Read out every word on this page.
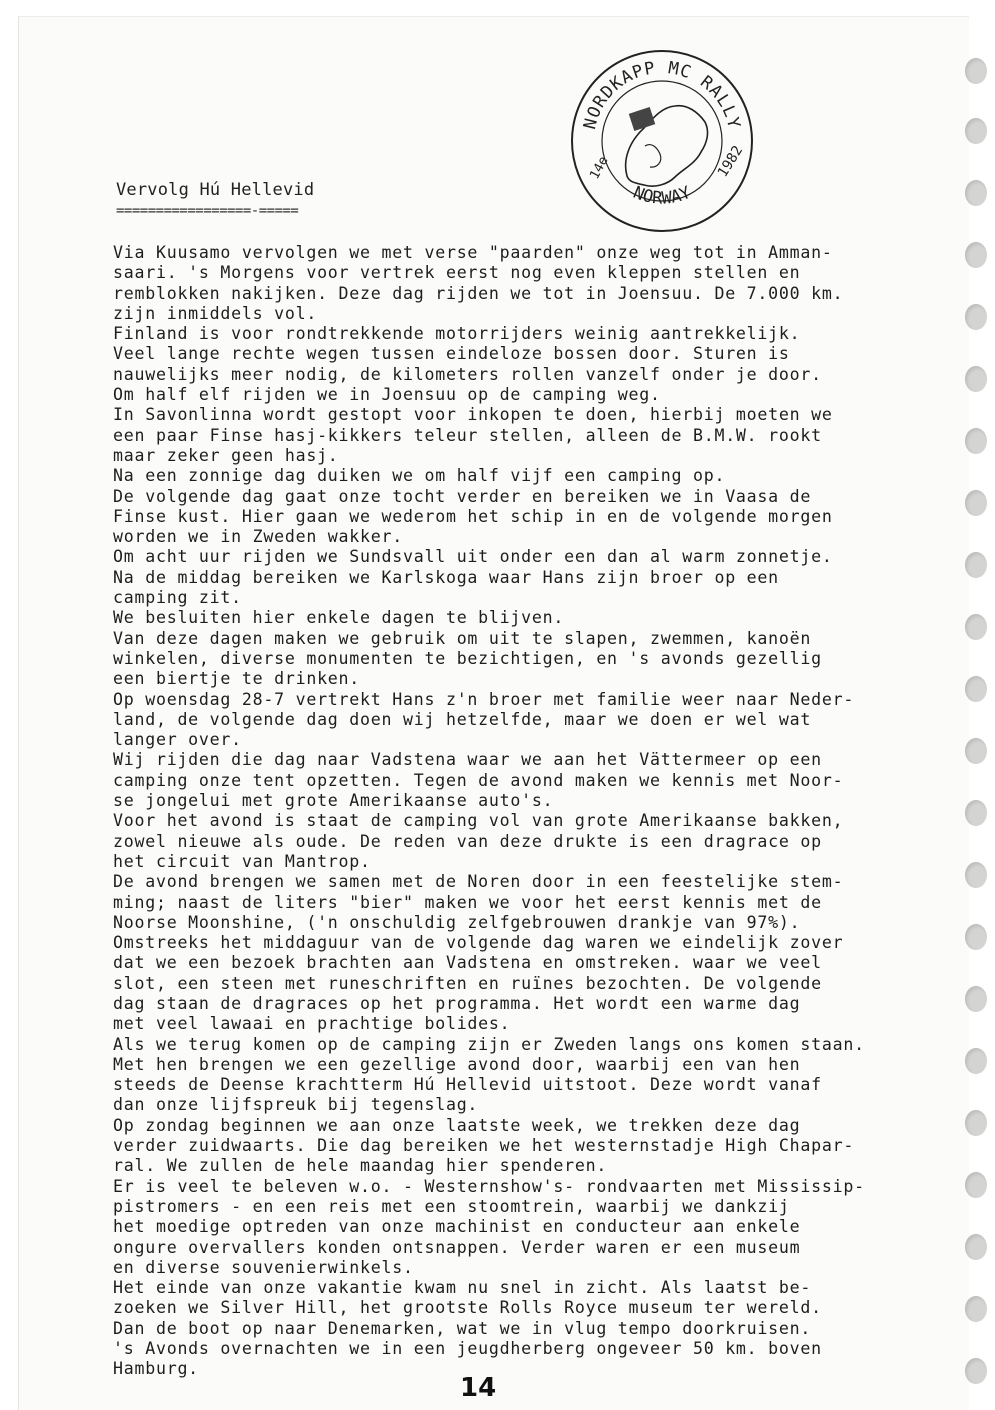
NORDKAPP MC RALLY
NORWAY
14e	1982
Vervolg Hú Hellevid
=================-=====

Via Kuusamo vervolgen we met verse "paarden" onze weg tot in Amman-
saari. 's Morgens voor vertrek eerst nog even kleppen stellen en
remblokken nakijken. Deze dag rijden we tot in Joensuu. De 7.000 km.
zijn inmiddels vol.

Finland is voor rondtrekkende motorrijders weinig aantrekkelijk.
Veel lange rechte wegen tussen eindeloze bossen door. Sturen is
nauwelijks meer nodig, de kilometers rollen vanzelf onder je door.
Om half elf rijden we in Joensuu op de camping weg.

In Savonlinna wordt gestopt voor inkopen te doen, hierbij moeten we
een paar Finse hasj-kikkers teleur stellen, alleen de B.M.W. rookt
maar zeker geen hasj.

Na een zonnige dag duiken we om half vijf een camping op.

De volgende dag gaat onze tocht verder en bereiken we in Vaasa de
Finse kust. Hier gaan we wederom het schip in en de volgende morgen
worden we in Zweden wakker.

Om acht uur rijden we Sundsvall uit onder een dan al warm zonnetje.
Na de middag bereiken we Karlskoga waar Hans zijn broer op een
camping zit.

We besluiten hier enkele dagen te blijven.

Van deze dagen maken we gebruik om uit te slapen, zwemmen, kanoën
winkelen, diverse monumenten te bezichtigen, en 's avonds gezellig
een biertje te drinken.

Op woensdag 28-7 vertrekt Hans z'n broer met familie weer naar Neder-
land, de volgende dag doen wij hetzelfde, maar we doen er wel wat
langer over.

Wij rijden die dag naar Vadstena waar we aan het Vättermeer op een
camping onze tent opzetten. Tegen de avond maken we kennis met Noor-
se jongelui met grote Amerikaanse auto's.

Voor het avond is staat de camping vol van grote Amerikaanse bakken,
zowel nieuwe als oude. De reden van deze drukte is een dragrace op
het circuit van Mantrop.

De avond brengen we samen met de Noren door in een feestelijke stem-
ming; naast de liters "bier" maken we voor het eerst kennis met de
Noorse Moonshine, ('n onschuldig zelfgebrouwen drankje van 97%).

Omstreeks het middaguur van de volgende dag waren we eindelijk zover
dat we een bezoek brachten aan Vadstena en omstreken. waar we veel
slot, een steen met runeschriften en ruïnes bezochten. De volgende
dag staan de dragraces op het programma. Het wordt een warme dag
met veel lawaai en prachtige bolides.

Als we terug komen op de camping zijn er Zweden langs ons komen staan.
Met hen brengen we een gezellige avond door, waarbij een van hen
steeds de Deense krachtterm Hú Hellevid uitstoot. Deze wordt vanaf
dan onze lijfspreuk bij tegenslag.

Op zondag beginnen we aan onze laatste week, we trekken deze dag
verder zuidwaarts. Die dag bereiken we het westernstadje High Chapar-
ral. We zullen de hele maandag hier spenderen.

Er is veel te beleven w.o. - Westernshow's- rondvaarten met Mississip-
pistromers - en een reis met een stoomtrein, waarbij we dankzij
het moedige optreden van onze machinist en conducteur aan enkele
ongure overvallers konden ontsnappen. Verder waren er een museum
en diverse souvenierwinkels.

Het einde van onze vakantie kwam nu snel in zicht. Als laatst be-
zoeken we Silver Hill, het grootste Rolls Royce museum ter wereld.
Dan de boot op naar Denemarken, wat we in vlug tempo doorkruisen.
's Avonds overnachten we in een jeugdherberg ongeveer 50 km. boven
Hamburg.

14
